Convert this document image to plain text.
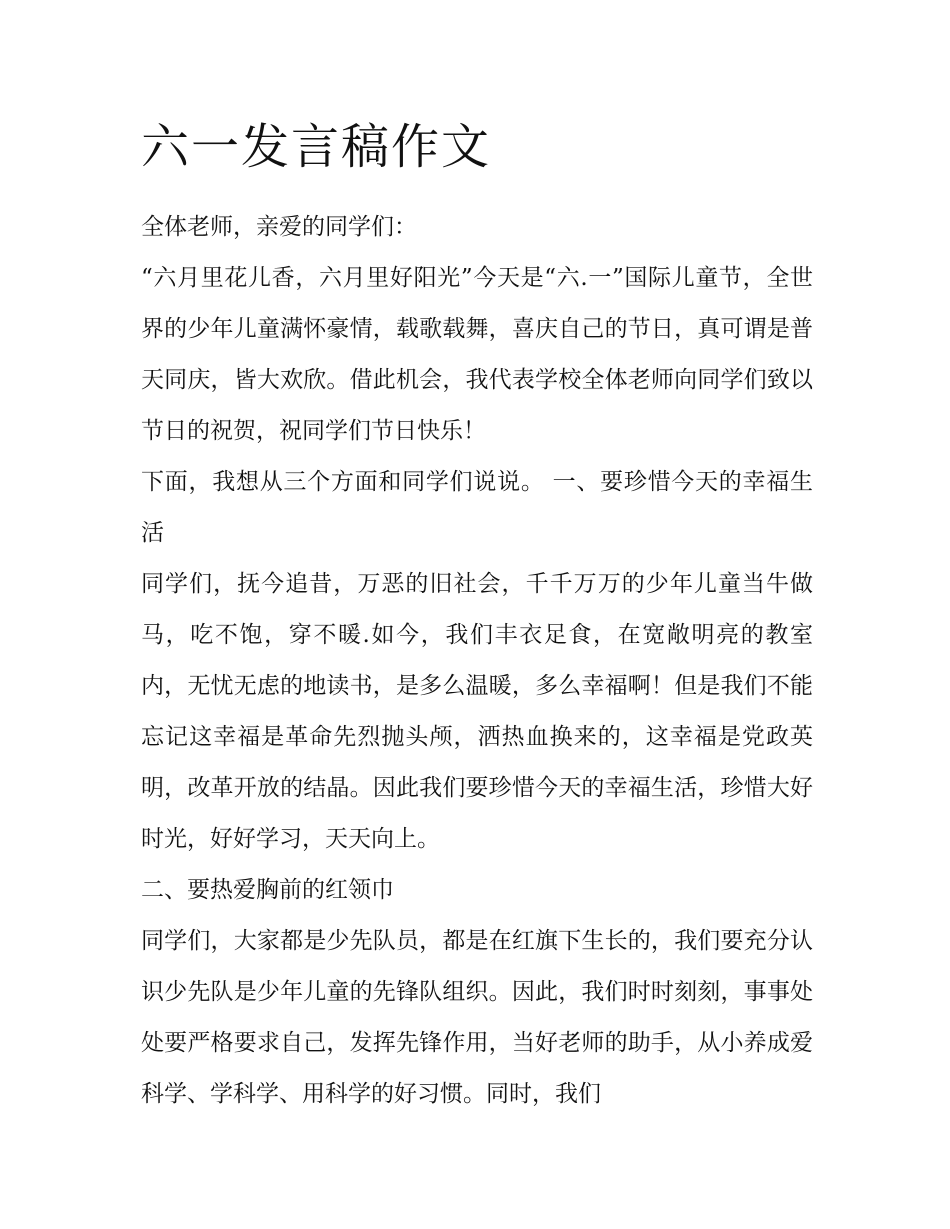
六一发言稿作文

全体老师，亲爱的同学们：

“六月里花儿香，六月里好阳光”今天是“六.一”国际儿童节，全世界的少年儿童满怀豪情，载歌载舞，喜庆自己的节日，真可谓是普天同庆，皆大欢欣。借此机会，我代表学校全体老师向同学们致以节日的祝贺，祝同学们节日快乐！

下面，我想从三个方面和同学们说说。 一、要珍惜今天的幸福生活

同学们，抚今追昔，万恶的旧社会，千千万万的少年儿童当牛做马，吃不饱，穿不暖.如今，我们丰衣足食，在宽敞明亮的教室内，无忧无虑的地读书，是多么温暖，多么幸福啊！但是我们不能忘记这幸福是革命先烈抛头颅，洒热血换来的，这幸福是党政英明，改革开放的结晶。因此我们要珍惜今天的幸福生活，珍惜大好时光，好好学习，天天向上。

二、要热爱胸前的红领巾

同学们，大家都是少先队员，都是在红旗下生长的，我们要充分认识少先队是少年儿童的先锋队组织。因此，我们时时刻刻，事事处处要严格要求自己，发挥先锋作用，当好老师的助手，从小养成爱科学、学科学、用科学的好习惯。同时，我们
